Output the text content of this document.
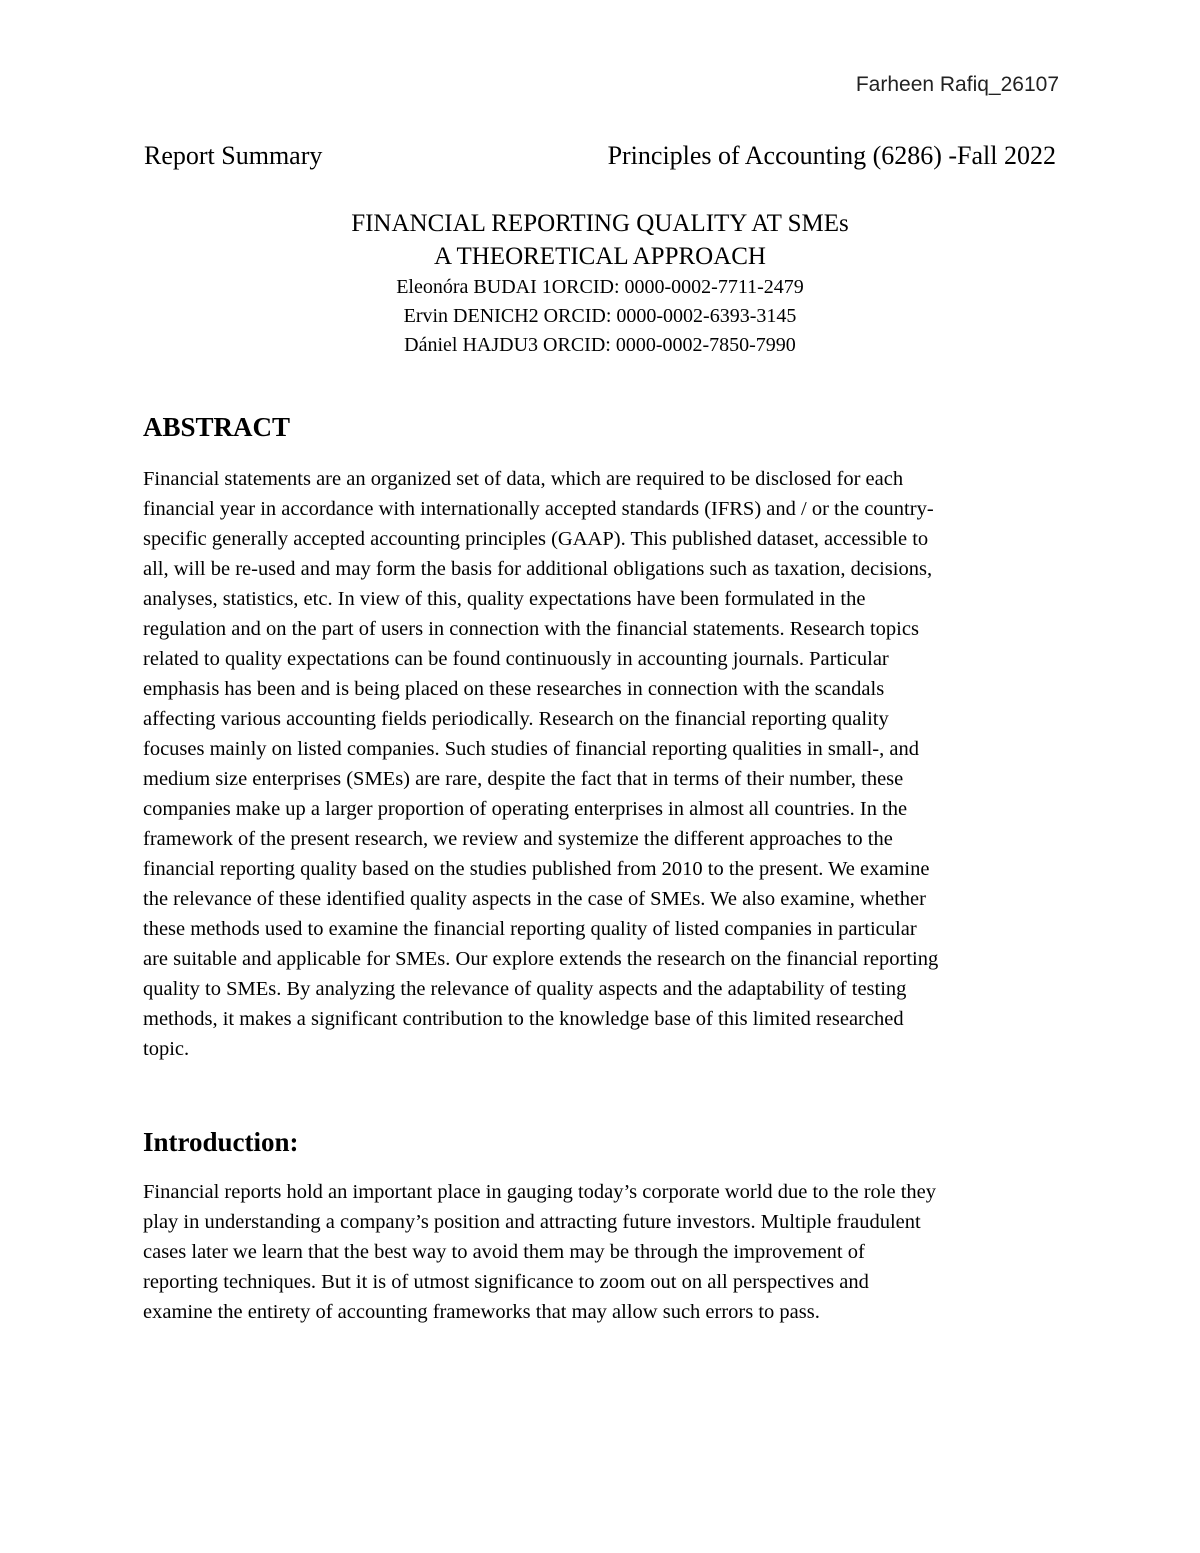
Farheen Rafiq_26107
Report Summary	Principles of Accounting (6286) -Fall 2022
FINANCIAL REPORTING QUALITY AT SMEs
A THEORETICAL APPROACH
Eleonóra BUDAI 1ORCID: 0000-0002-7711-2479
Ervin DENICH2 ORCID: 0000-0002-6393-3145
Dániel HAJDU3 ORCID: 0000-0002-7850-7990
ABSTRACT

Financial statements are an organized set of data, which are required to be disclosed for each
financial year in accordance with internationally accepted standards (IFRS) and / or the country-
specific generally accepted accounting principles (GAAP). This published dataset, accessible to
all, will be re-used and may form the basis for additional obligations such as taxation, decisions,
analyses, statistics, etc. In view of this, quality expectations have been formulated in the
regulation and on the part of users in connection with the financial statements. Research topics
related to quality expectations can be found continuously in accounting journals. Particular
emphasis has been and is being placed on these researches in connection with the scandals
affecting various accounting fields periodically. Research on the financial reporting quality
focuses mainly on listed companies. Such studies of financial reporting qualities in small-, and
medium size enterprises (SMEs) are rare, despite the fact that in terms of their number, these
companies make up a larger proportion of operating enterprises in almost all countries. In the
framework of the present research, we review and systemize the different approaches to the
financial reporting quality based on the studies published from 2010 to the present. We examine
the relevance of these identified quality aspects in the case of SMEs. We also examine, whether
these methods used to examine the financial reporting quality of listed companies in particular
are suitable and applicable for SMEs. Our explore extends the research on the financial reporting
quality to SMEs. By analyzing the relevance of quality aspects and the adaptability of testing
methods, it makes a significant contribution to the knowledge base of this limited researched
topic.

Introduction:

Financial reports hold an important place in gauging today’s corporate world due to the role they
play in understanding a company’s position and attracting future investors. Multiple fraudulent
cases later we learn that the best way to avoid them may be through the improvement of
reporting techniques. But it is of utmost significance to zoom out on all perspectives and
examine the entirety of accounting frameworks that may allow such errors to pass.
